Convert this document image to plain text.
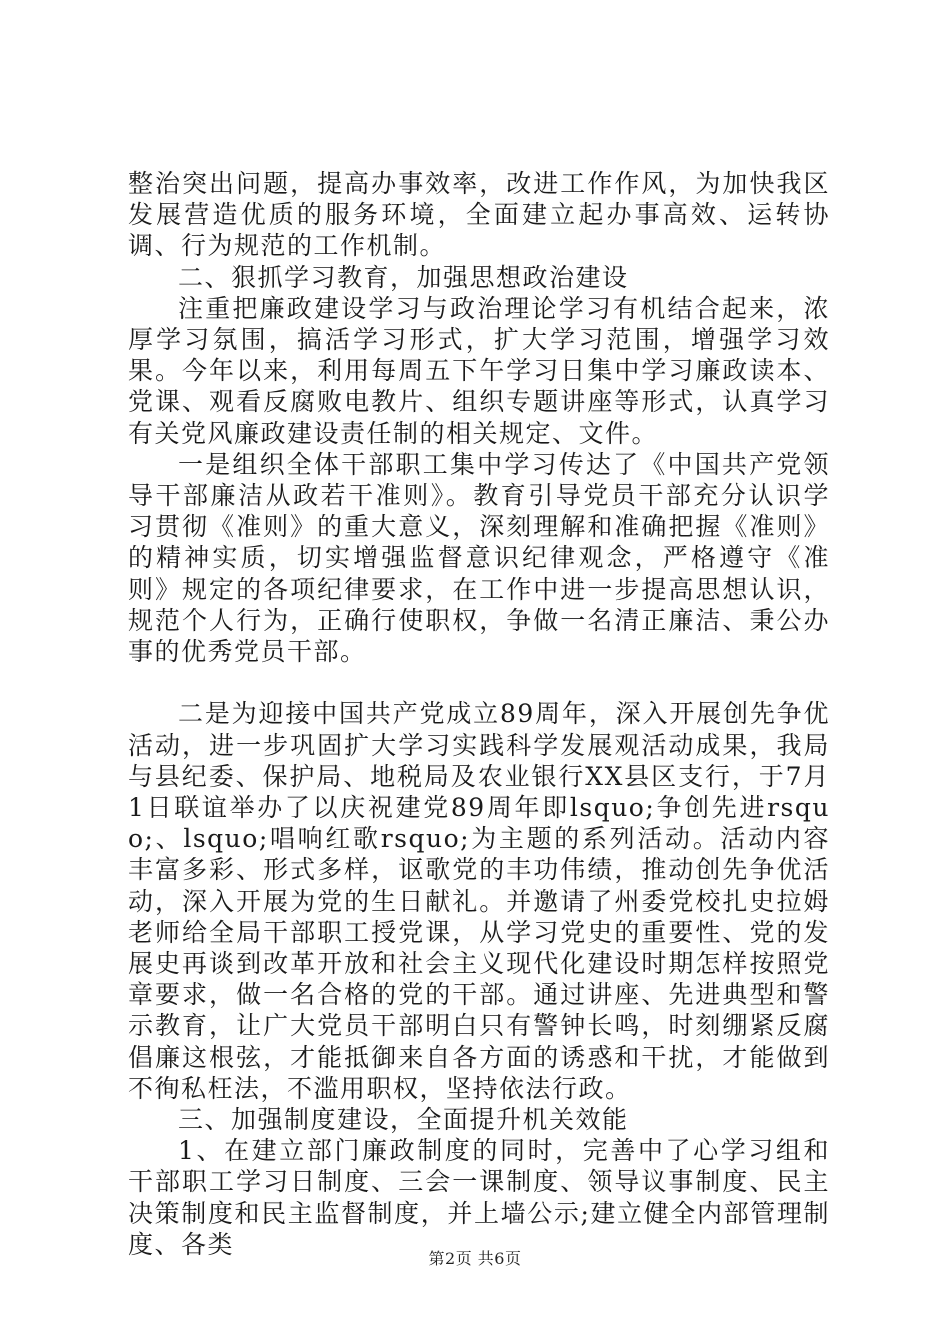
整治突出问题，提高办事效率，改进工作作风，为加快我区发展营造优质的服务环境，全面建立起办事高效、运转协调、行为规范的工作机制。

二、狠抓学习教育，加强思想政治建设

注重把廉政建设学习与政治理论学习有机结合起来，浓厚学习氛围，搞活学习形式，扩大学习范围，增强学习效果。今年以来，利用每周五下午学习日集中学习廉政读本、党课、观看反腐败电教片、组织专题讲座等形式，认真学习有关党风廉政建设责任制的相关规定、文件。

一是组织全体干部职工集中学习传达了《中国共产党领导干部廉洁从政若干准则》。教育引导党员干部充分认识学习贯彻《准则》的重大意义，深刻理解和准确把握《准则》的精神实质，切实增强监督意识纪律观念，严格遵守《准则》规定的各项纪律要求，在工作中进一步提高思想认识，规范个人行为，正确行使职权，争做一名清正廉洁、秉公办事的优秀党员干部。

二是为迎接中国共产党成立89周年，深入开展创先争优活动，进一步巩固扩大学习实践科学发展观活动成果，我局与县纪委、保护局、地税局及农业银行XX县区支行，于7月1日联谊举办了以庆祝建党89周年即lsquo;争创先进rsquo;、lsquo;唱响红歌rsquo;为主题的系列活动。活动内容丰富多彩、形式多样，讴歌党的丰功伟绩，推动创先争优活动，深入开展为党的生日献礼。并邀请了州委党校扎史拉姆老师给全局干部职工授党课，从学习党史的重要性、党的发展史再谈到改革开放和社会主义现代化建设时期怎样按照党章要求，做一名合格的党的干部。通过讲座、先进典型和警示教育，让广大党员干部明白只有警钟长鸣，时刻绷紧反腐倡廉这根弦，才能抵御来自各方面的诱惑和干扰，才能做到不徇私枉法，不滥用职权，坚持依法行政。

三、加强制度建设，全面提升机关效能

1、在建立部门廉政制度的同时，完善中了心学习组和干部职工学习日制度、三会一课制度、领导议事制度、民主决策制度和民主监督制度，并上墙公示;建立健全内部管理制度、各类	第2页 共6页
